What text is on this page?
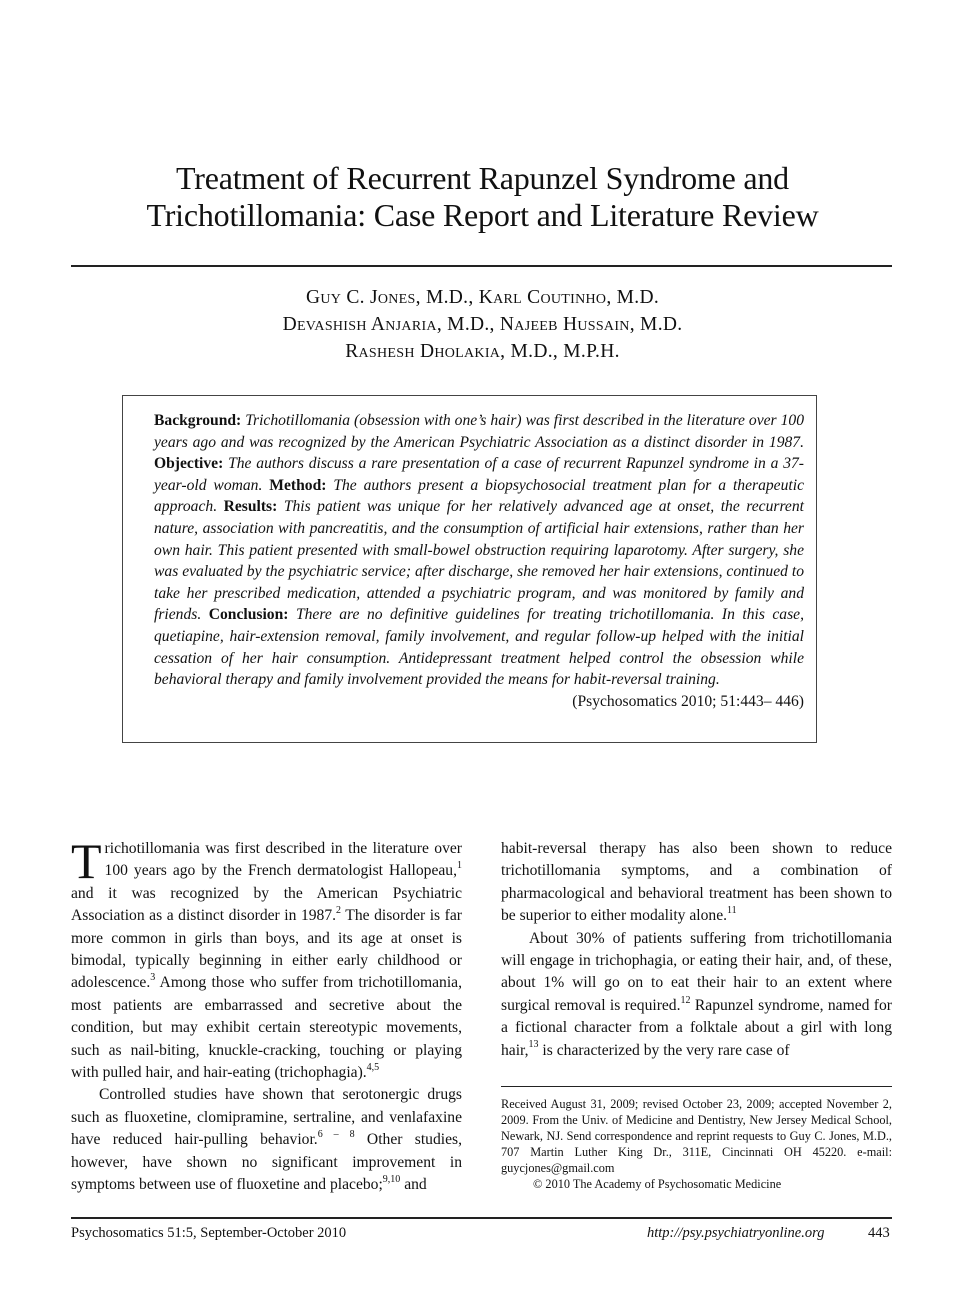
Treatment of Recurrent Rapunzel Syndrome and
Trichotillomania: Case Report and Literature Review
Guy C. Jones, M.D., Karl Coutinho, M.D.
Devashish Anjaria, M.D., Najeeb Hussain, M.D.
Rashesh Dholakia, M.D., M.P.H.
Background: Trichotillomania (obsession with one’s hair) was first described in the literature over 100 years ago and was recognized by the American Psychiatric Association as a distinct disorder in 1987. Objective: The authors discuss a rare presentation of a case of recurrent Rapunzel syndrome in a 37-year-old woman. Method: The authors present a biopsychosocial treatment plan for a therapeutic approach. Results: This patient was unique for her relatively advanced age at onset, the recurrent nature, association with pancreatitis, and the consumption of artificial hair extensions, rather than her own hair. This patient presented with small-bowel obstruction requiring laparotomy. After surgery, she was evaluated by the psychiatric service; after discharge, she removed her hair extensions, continued to take her prescribed medication, attended a psychiatric program, and was monitored by family and friends. Conclusion: There are no definitive guidelines for treating trichotillomania. In this case, quetiapine, hair-extension removal, family involvement, and regular follow-up helped with the initial cessation of her hair consumption. Antidepressant treatment helped control the obsession while behavioral therapy and family involvement provided the means for habit-reversal training.
(Psychosomatics 2010; 51:443– 446)

Trichotillomania was first described in the literature over 100 years ago by the French dermatologist Hallopeau,$^1$ and it was recognized by the American Psychiatric Association as a distinct disorder in 1987.$^2$ The disorder is far more common in girls than boys, and its age at onset is bimodal, typically beginning in either early childhood or adolescence.$^3$ Among those who suffer from trichotillomania, most patients are embarrassed and secretive about the condition, but may exhibit certain stereotypic movements, such as nail-biting, knuckle-cracking, touching or playing with pulled hair, and hair-eating (trichophagia).$^{4,5}$

Controlled studies have shown that serotonergic drugs such as fluoxetine, clomipramine, sertraline, and venlafaxine have reduced hair-pulling behavior.$^{6 - 8}$ Other studies, however, have shown no significant improvement in symptoms between use of fluoxetine and placebo;$^{9,10}$ and

habit-reversal therapy has also been shown to reduce trichotillomania symptoms, and a combination of pharmacological and behavioral treatment has been shown to be superior to either modality alone.$^{11}$

About 30% of patients suffering from trichotillomania will engage in trichophagia, or eating their hair, and, of these, about 1% will go on to eat their hair to an extent where surgical removal is required.$^{12}$ Rapunzel syndrome, named for a fictional character from a folktale about a girl with long hair,$^{13}$ is characterized by the very rare case of

Received August 31, 2009; revised October 23, 2009; accepted November 2, 2009. From the Univ. of Medicine and Dentistry, New Jersey Medical School, Newark, NJ. Send correspondence and reprint requests to Guy C. Jones, M.D., 707 Martin Luther King Dr., 311E, Cincinnati OH 45220. e-mail: guycjones@gmail.com
© 2010 The Academy of Psychosomatic Medicine
Psychosomatics 51:5, September-October 2010	http://psy.psychiatryonline.org	443
